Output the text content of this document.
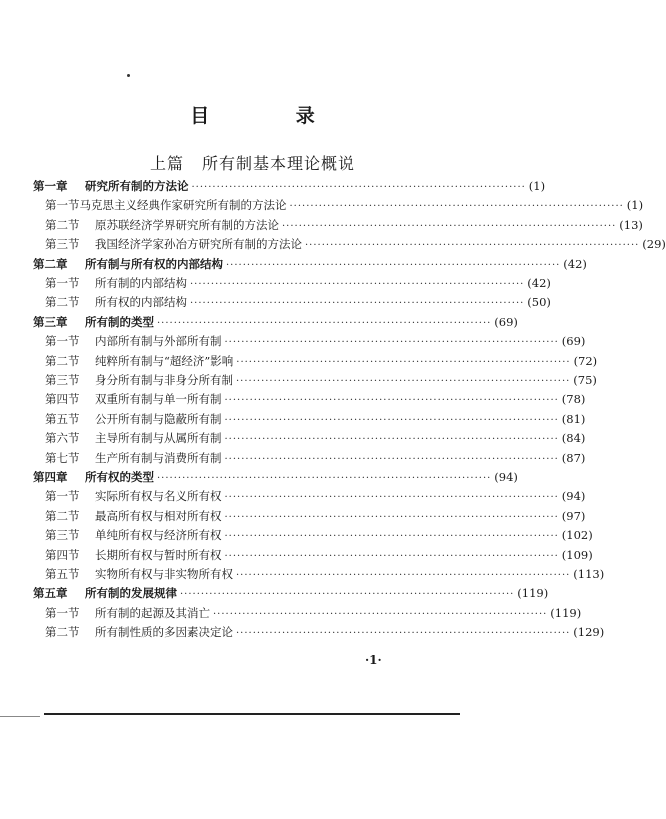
目 录
上篇 所有制基本理论概说
第一章	研究所有制的方法论 ················································································ (1)
第一节马克思主义经典作家研究所有制的方法论 ················································································ (1)
第二节	原苏联经济学界研究所有制的方法论 ················································································ (13)
第三节	我国经济学家孙冶方研究所有制的方法论 ················································································ (29)
第二章	所有制与所有权的内部结构 ················································································ (42)
第一节	所有制的内部结构 ················································································ (42)
第二节	所有权的内部结构 ················································································ (50)
第三章	所有制的类型 ················································································ (69)
第一节	内部所有制与外部所有制 ················································································ (69)
第二节	纯粹所有制与“超经济”影响 ················································································ (72)
第三节	身分所有制与非身分所有制 ················································································ (75)
第四节	双重所有制与单一所有制 ················································································ (78)
第五节	公开所有制与隐蔽所有制 ················································································ (81)
第六节	主导所有制与从属所有制 ················································································ (84)
第七节	生产所有制与消费所有制 ················································································ (87)
第四章	所有权的类型 ················································································ (94)
第一节	实际所有权与名义所有权 ················································································ (94)
第二节	最高所有权与相对所有权 ················································································ (97)
第三节	单纯所有权与经济所有权 ················································································ (102)
第四节	长期所有权与暂时所有权 ················································································ (109)
第五节	实物所有权与非实物所有权 ················································································ (113)
第五章	所有制的发展规律 ················································································ (119)
第一节	所有制的起源及其消亡 ················································································ (119)
第二节	所有制性质的多因素决定论 ················································································ (129)
·1·
